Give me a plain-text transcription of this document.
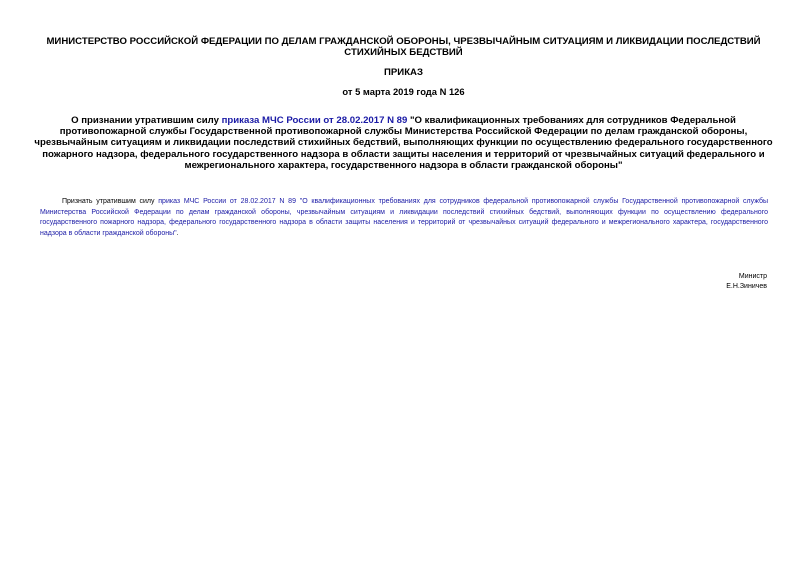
МИНИСТЕРСТВО РОССИЙСКОЙ ФЕДЕРАЦИИ ПО ДЕЛАМ ГРАЖДАНСКОЙ ОБОРОНЫ, ЧРЕЗВЫЧАЙНЫМ СИТУАЦИЯМ И ЛИКВИДАЦИИ ПОСЛЕДСТВИЙ СТИХИЙНЫХ БЕДСТВИЙ
ПРИКАЗ
от 5 марта 2019 года N 126
О признании утратившим силу приказа МЧС России от 28.02.2017 N 89 "О квалификационных требованиях для сотрудников Федеральной противопожарной службы Государственной противопожарной службы Министерства Российской Федерации по делам гражданской обороны, чрезвычайным ситуациям и ликвидации последствий стихийных бедствий, выполняющих функции по осуществлению федерального государственного пожарного надзора, федерального государственного надзора в области защиты населения и территорий от чрезвычайных ситуаций федерального и межрегионального характера, государственного надзора в области гражданской обороны"
Признать утратившим силу приказ МЧС России от 28.02.2017 N 89 "О квалификационных требованиях для сотрудников федеральной противопожарной службы Государственной противопожарной службы Министерства Российской Федерации по делам гражданской обороны, чрезвычайным ситуациям и ликвидации последствий стихийных бедствий, выполняющих функции по осуществлению федерального государственного пожарного надзора, федерального государственного надзора в области защиты населения и территорий от чрезвычайных ситуаций федерального и межрегионального характера, государственного надзора в области гражданской обороны".
Министр
Е.Н.Зиничев
